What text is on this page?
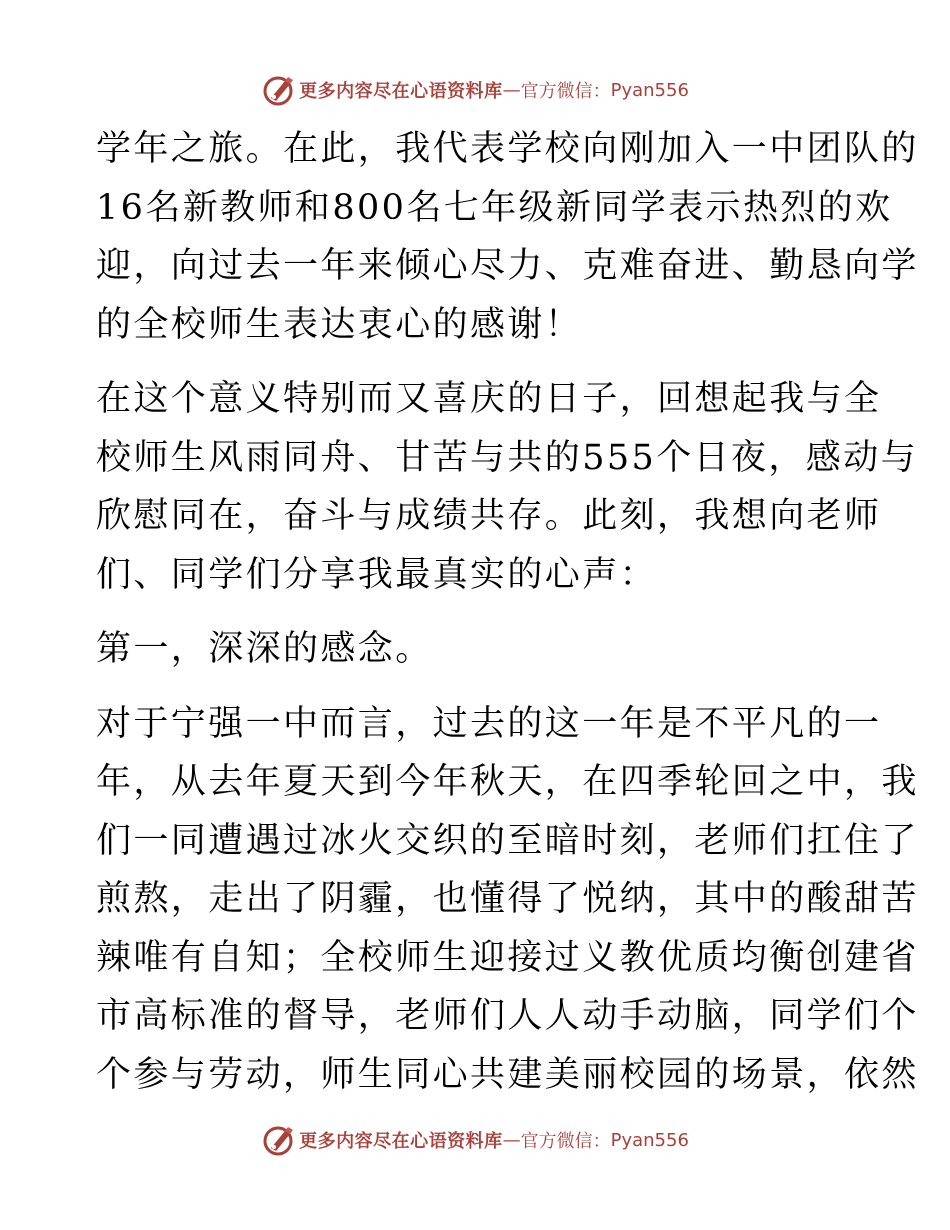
更多内容尽在心语资料库 — 官方微信： Pyan556
学年之旅。在此，我代表学校向刚加入一中团队的
16名新教师和800名七年级新同学表示热烈的欢
迎，向过去一年来倾心尽力、克难奋进、勤恳向学
的全校师生表达衷心的感谢！
在这个意义特别而又喜庆的日子，回想起我与全
校师生风雨同舟、甘苦与共的555个日夜，感动与
欣慰同在，奋斗与成绩共存。此刻，我想向老师
们、同学们分享我最真实的心声：
第一，深深的感念。
对于宁强一中而言，过去的这一年是不平凡的一
年，从去年夏天到今年秋天，在四季轮回之中，我
们一同遭遇过冰火交织的至暗时刻，老师们扛住了
煎熬，走出了阴霾，也懂得了悦纳，其中的酸甜苦
辣唯有自知；全校师生迎接过义教优质均衡创建省
市高标准的督导，老师们人人动手动脑，同学们个
个参与劳动，师生同心共建美丽校园的场景，依然
更多内容尽在心语资料库 — 官方微信： Pyan556
